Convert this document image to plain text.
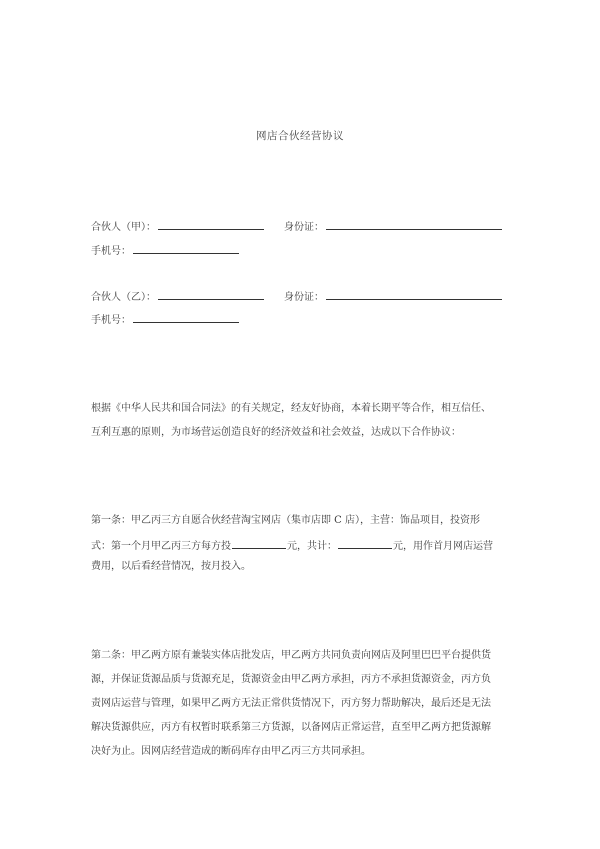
网店合伙经营协议
合伙人（甲）：	身份证：
手机号：
合伙人（乙）：	身份证：
手机号：
根据《中华人民共和国合同法》的有关规定，经友好协商，本着长期平等合作，相互信任、
互利互惠的原则，为市场营运创造良好的经济效益和社会效益，达成以下合作协议：
第一条：甲乙丙三方自愿合伙经营淘宝网店（集市店即 C 店），主营：饰品项目，投资形
式：第一个月甲乙丙三方每方投	元，共计：	元，用作首月网店运营
费用，以后看经营情况，按月投入。
第二条：甲乙两方原有兼装实体店批发店，甲乙两方共同负责向网店及阿里巴巴平台提供货
源，并保证货源品质与货源充足，货源资金由甲乙两方承担，丙方不承担货源资金，丙方负
责网店运营与管理，如果甲乙两方无法正常供货情况下，丙方努力帮助解决，最后还是无法
解决货源供应，丙方有权暂时联系第三方货源，以备网店正常运营，直至甲乙两方把货源解
决好为止。因网店经营造成的断码库存由甲乙丙三方共同承担。
